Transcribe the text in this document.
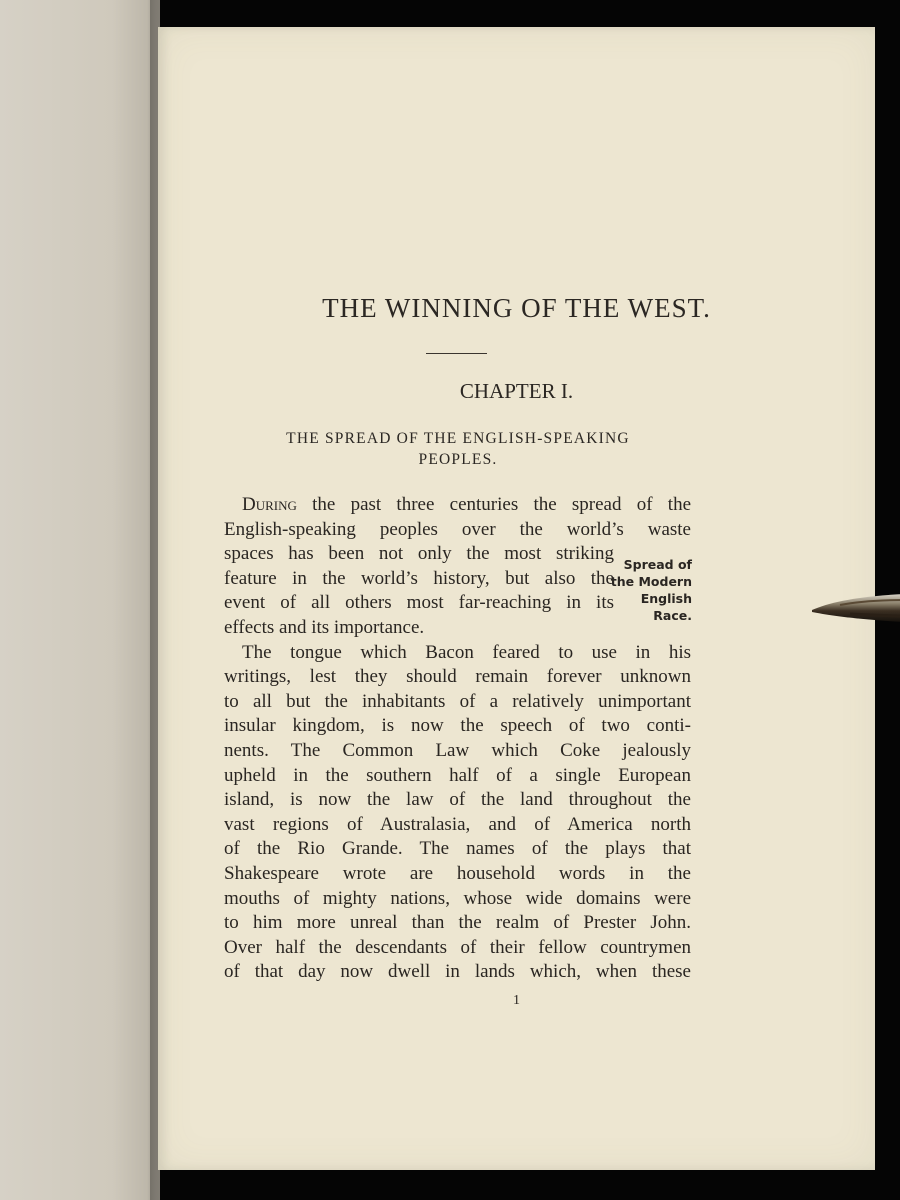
THE WINNING OF THE WEST.
CHAPTER I.
THE SPREAD OF THE ENGLISH-SPEAKING
PEOPLES.
During the past three centuries the spread of the
English-speaking peoples over the world’s waste
spaces has been not only the most striking
feature in the world’s history, but also the
event of all others most far-reaching in its
effects and its importance.
The tongue which Bacon feared to use in his
writings, lest they should remain forever unknown
to all but the inhabitants of a relatively unimportant
insular kingdom, is now the speech of two conti-
nents. The Common Law which Coke jealously
upheld in the southern half of a single European
island, is now the law of the land throughout the
vast regions of Australasia, and of America north
of the Rio Grande. The names of the plays that
Shakespeare wrote are household words in the
mouths of mighty nations, whose wide domains were
to him more unreal than the realm of Prester John.
Over half the descendants of their fellow countrymen
of that day now dwell in lands which, when these
Spread of
the Modern
English
Race.
1
